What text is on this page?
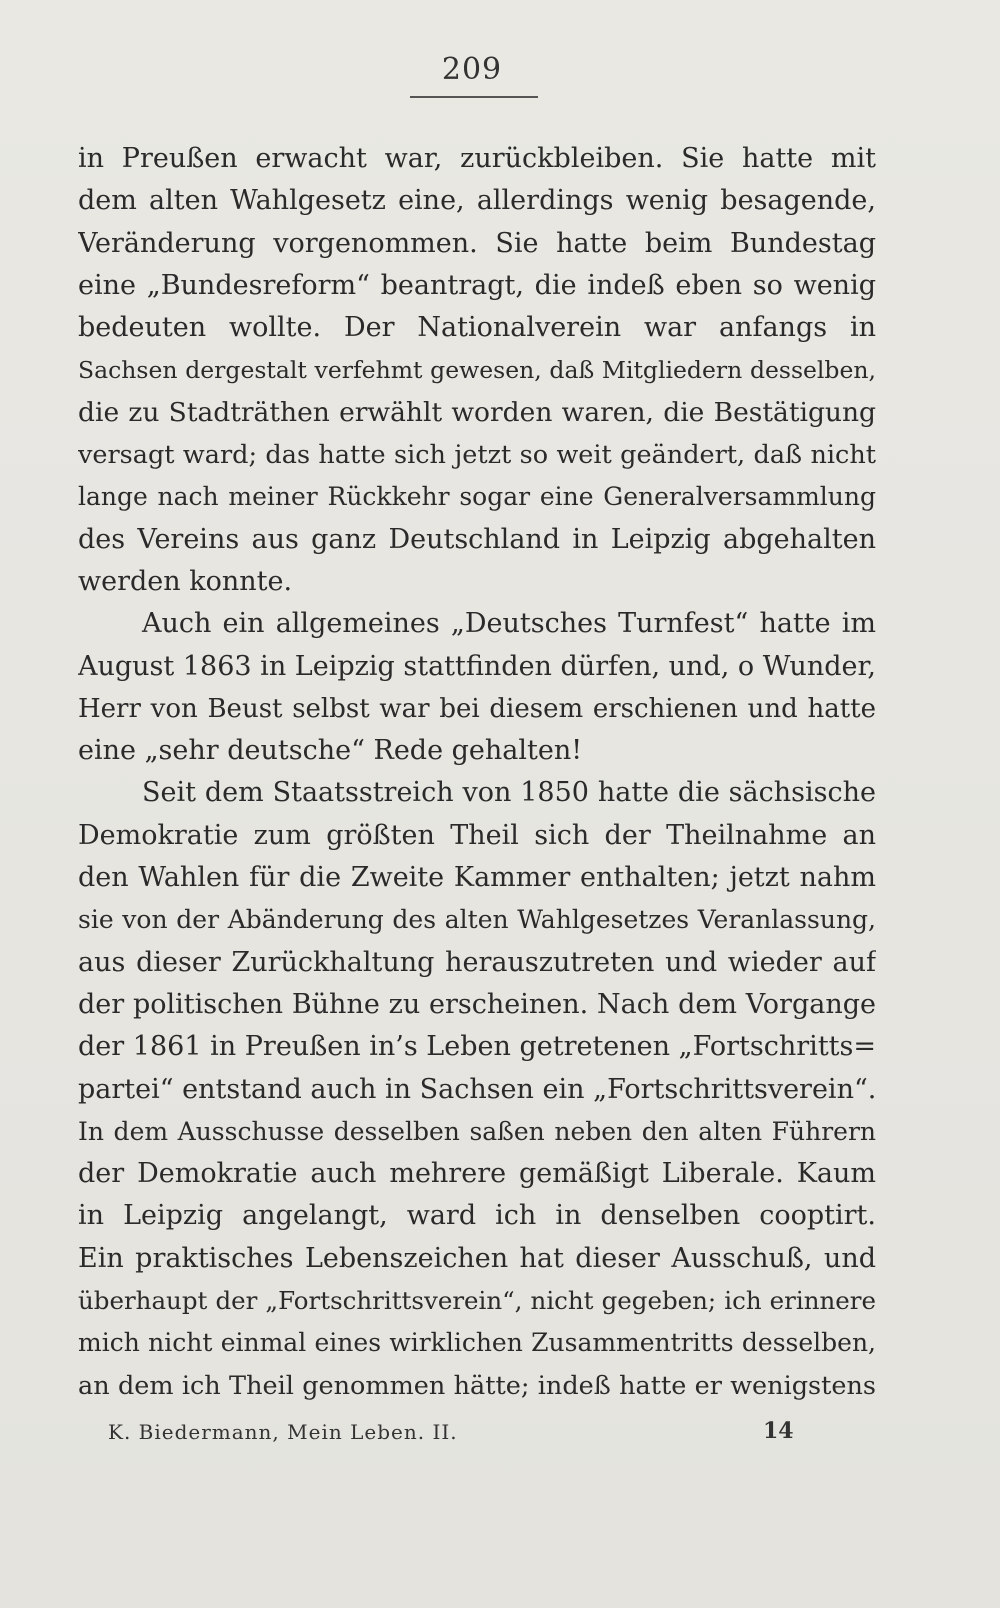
209
in Preußen erwacht war, zurückbleiben. Sie hatte mit
dem alten Wahlgesetz eine, allerdings wenig besagende,
Veränderung vorgenommen. Sie hatte beim Bundestag
eine „Bundesreform“ beantragt, die indeß eben so wenig
bedeuten wollte. Der Nationalverein war anfangs in
Sachsen dergestalt verfehmt gewesen, daß Mitgliedern desselben,
die zu Stadträthen erwählt worden waren, die Bestätigung
versagt ward; das hatte sich jetzt so weit geändert, daß nicht
lange nach meiner Rückkehr sogar eine Generalversammlung
des Vereins aus ganz Deutschland in Leipzig abgehalten
werden konnte.
Auch ein allgemeines „Deutsches Turnfest“ hatte im
August 1863 in Leipzig stattfinden dürfen, und, o Wunder,
Herr von Beust selbst war bei diesem erschienen und hatte
eine „sehr deutsche“ Rede gehalten!
Seit dem Staatsstreich von 1850 hatte die sächsische
Demokratie zum größten Theil sich der Theilnahme an
den Wahlen für die Zweite Kammer enthalten; jetzt nahm
sie von der Abänderung des alten Wahlgesetzes Veranlassung,
aus dieser Zurückhaltung herauszutreten und wieder auf
der politischen Bühne zu erscheinen. Nach dem Vorgange
der 1861 in Preußen in’s Leben getretenen „Fortschritts=
partei“ entstand auch in Sachsen ein „Fortschrittsverein“.
In dem Ausschusse desselben saßen neben den alten Führern
der Demokratie auch mehrere gemäßigt Liberale. Kaum
in Leipzig angelangt, ward ich in denselben cooptirt.
Ein praktisches Lebenszeichen hat dieser Ausschuß, und
überhaupt der „Fortschrittsverein“, nicht gegeben; ich erinnere
mich nicht einmal eines wirklichen Zusammentritts desselben,
an dem ich Theil genommen hätte; indeß hatte er wenigstens
K. Biedermann, Mein Leben. II.	14
